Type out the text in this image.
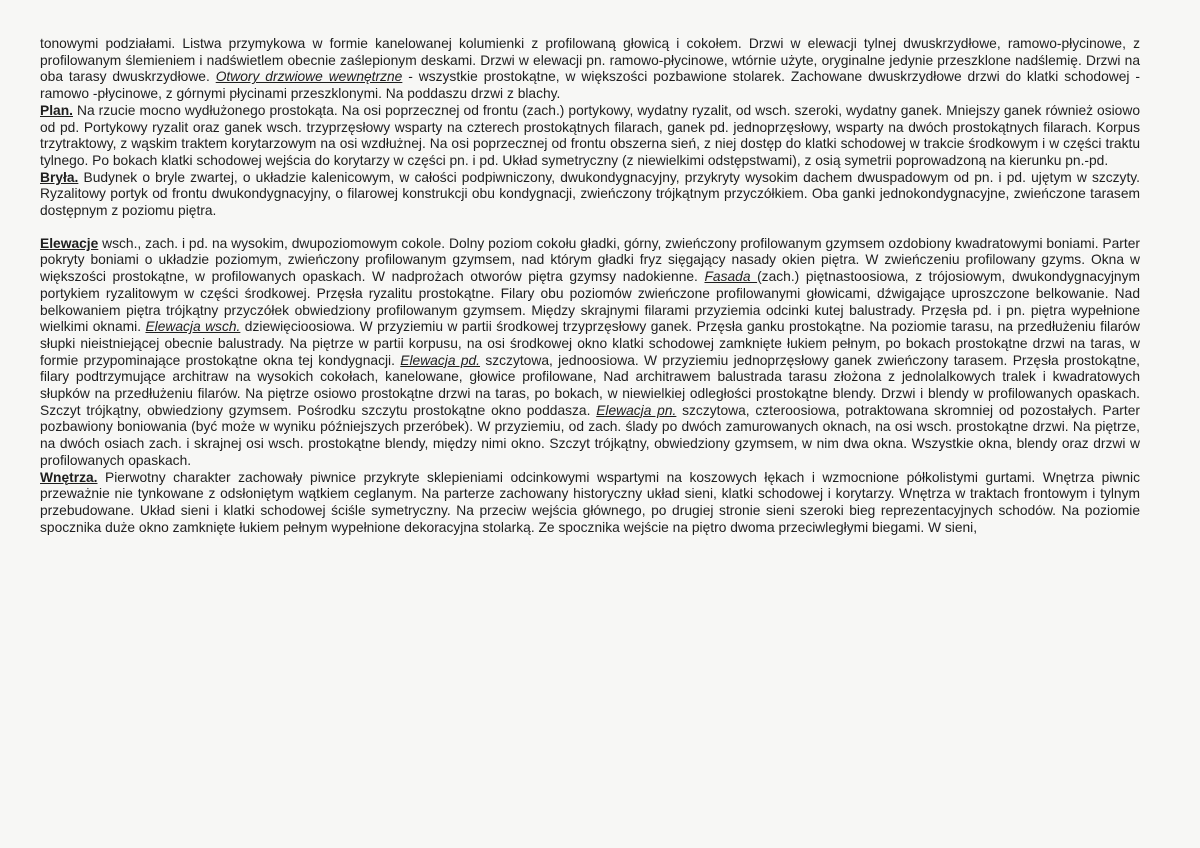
tonowymi podziałami. Listwa przymykowa w formie kanelowanej kolumienki z profilowaną głowicą i cokołem. Drzwi w elewacji tylnej dwuskrzydłowe, ramowo-płycinowe, z profilowanym ślemieniem i nadświetlem obecnie zaślepionym deskami. Drzwi w elewacji pn. ramowo-płycinowe, wtórnie użyte, oryginalne jedynie przeszklone nadślemię. Drzwi na oba tarasy dwuskrzydłowe. Otwory drzwiowe wewnętrzne - wszystkie prostokątne, w większości pozbawione stolarek. Zachowane dwuskrzydłowe drzwi do klatki schodowej - ramowo -płycinowe, z górnymi płycinami przeszklonymi. Na poddaszu drzwi z blachy.

Plan. Na rzucie mocno wydłużonego prostokąta. Na osi poprzecznej od frontu (zach.) portykowy, wydatny ryzalit, od wsch. szeroki, wydatny ganek. Mniejszy ganek również osiowo od pd. Portykowy ryzalit oraz ganek wsch. trzyprzęsłowy wsparty na czterech prostokątnych filarach, ganek pd. jednoprzęsłowy, wsparty na dwóch prostokątnych filarach. Korpus trzytraktowy, z wąskim traktem korytarzowym na osi wzdłużnej. Na osi poprzecznej od frontu obszerna sień, z niej dostęp do klatki schodowej w trakcie środkowym i w części traktu tylnego. Po bokach klatki schodowej wejścia do korytarzy w części pn. i pd. Układ symetryczny (z niewielkimi odstępstwami), z osią symetrii poprowadzoną na kierunku pn.-pd.

Bryła. Budynek o bryle zwartej, o układzie kalenicowym, w całości podpiwniczony, dwukondygnacyjny, przykryty wysokim dachem dwuspadowym od pn. i pd. ujętym w szczyty. Ryzalitowy portyk od frontu dwukondygnacyjny, o filarowej konstrukcji obu kondygnacji, zwieńczony trójkątnym przyczółkiem. Oba ganki jednokondygnacyjne, zwieńczone tarasem dostępnym z poziomu piętra.

Elewacje wsch., zach. i pd. na wysokim, dwupoziomowym cokole. Dolny poziom cokołu gładki, górny, zwieńczony profilowanym gzymsem ozdobiony kwadratowymi boniami. Parter pokryty boniami o układzie poziomym, zwieńczony profilowanym gzymsem, nad którym gładki fryz sięgający nasady okien piętra. W zwieńczeniu profilowany gzyms. Okna w większości prostokątne, w profilowanych opaskach. W nadprożach otworów piętra gzymsy nadokienne. Fasada (zach.) piętnastoosiowa, z trójosiowym, dwukondygnacyjnym portykiem ryzalitowym w części środkowej. Przęsła ryzalitu prostokątne. Filary obu poziomów zwieńczone profilowanymi głowicami, dźwigające uproszczone belkowanie. Nad belkowaniem piętra trójkątny przyczółek obwiedziony profilowanym gzymsem. Między skrajnymi filarami przyziemia odcinki kutej balustrady. Przęsła pd. i pn. piętra wypełnione wielkimi oknami. Elewacja wsch. dziewięcioosiowa. W przyziemiu w partii środkowej trzyprzęsłowy ganek. Przęsła ganku prostokątne. Na poziomie tarasu, na przedłużeniu filarów słupki nieistniejącej obecnie balustrady. Na piętrze w partii korpusu, na osi środkowej okno klatki schodowej zamknięte łukiem pełnym, po bokach prostokątne drzwi na taras, w formie przypominające prostokątne okna tej kondygnacji. Elewacja pd. szczytowa, jednoosiowa. W przyziemiu jednoprzęsłowy ganek zwieńczony tarasem. Przęsła prostokątne, filary podtrzymujące architraw na wysokich cokołach, kanelowane, głowice profilowane, Nad architrawem balustrada tarasu złożona z jednolalkowych tralek i kwadratowych słupków na przedłużeniu filarów. Na piętrze osiowo prostokątne drzwi na taras, po bokach, w niewielkiej odległości prostokątne blendy. Drzwi i blendy w profilowanych opaskach. Szczyt trójkątny, obwiedziony gzymsem. Pośrodku szczytu prostokątne okno poddasza. Elewacja pn. szczytowa, czteroosiowa, potraktowana skromniej od pozostałych. Parter pozbawiony boniowania (być może w wyniku późniejszych przeróbek). W przyziemiu, od zach. ślady po dwóch zamurowanych oknach, na osi wsch. prostokątne drzwi. Na piętrze, na dwóch osiach zach. i skrajnej osi wsch. prostokątne blendy, między nimi okno. Szczyt trójkątny, obwiedziony gzymsem, w nim dwa okna. Wszystkie okna, blendy oraz drzwi w profilowanych opaskach.

Wnętrza. Pierwotny charakter zachowały piwnice przykryte sklepieniami odcinkowymi wspartymi na koszowych łękach i wzmocnione półkolistymi gurtami. Wnętrza piwnic przeważnie nie tynkowane z odsłoniętym wątkiem ceglanym. Na parterze zachowany historyczny układ sieni, klatki schodowej i korytarzy. Wnętrza w traktach frontowym i tylnym przebudowane. Układ sieni i klatki schodowej ściśle symetryczny. Na przeciw wejścia głównego, po drugiej stronie sieni szeroki bieg reprezentacyjnych schodów. Na poziomie spocznika duże okno zamknięte łukiem pełnym wypełnione dekoracyjna stolarką. Ze spocznika wejście na piętro dwoma przeciwległymi biegami. W sieni,
